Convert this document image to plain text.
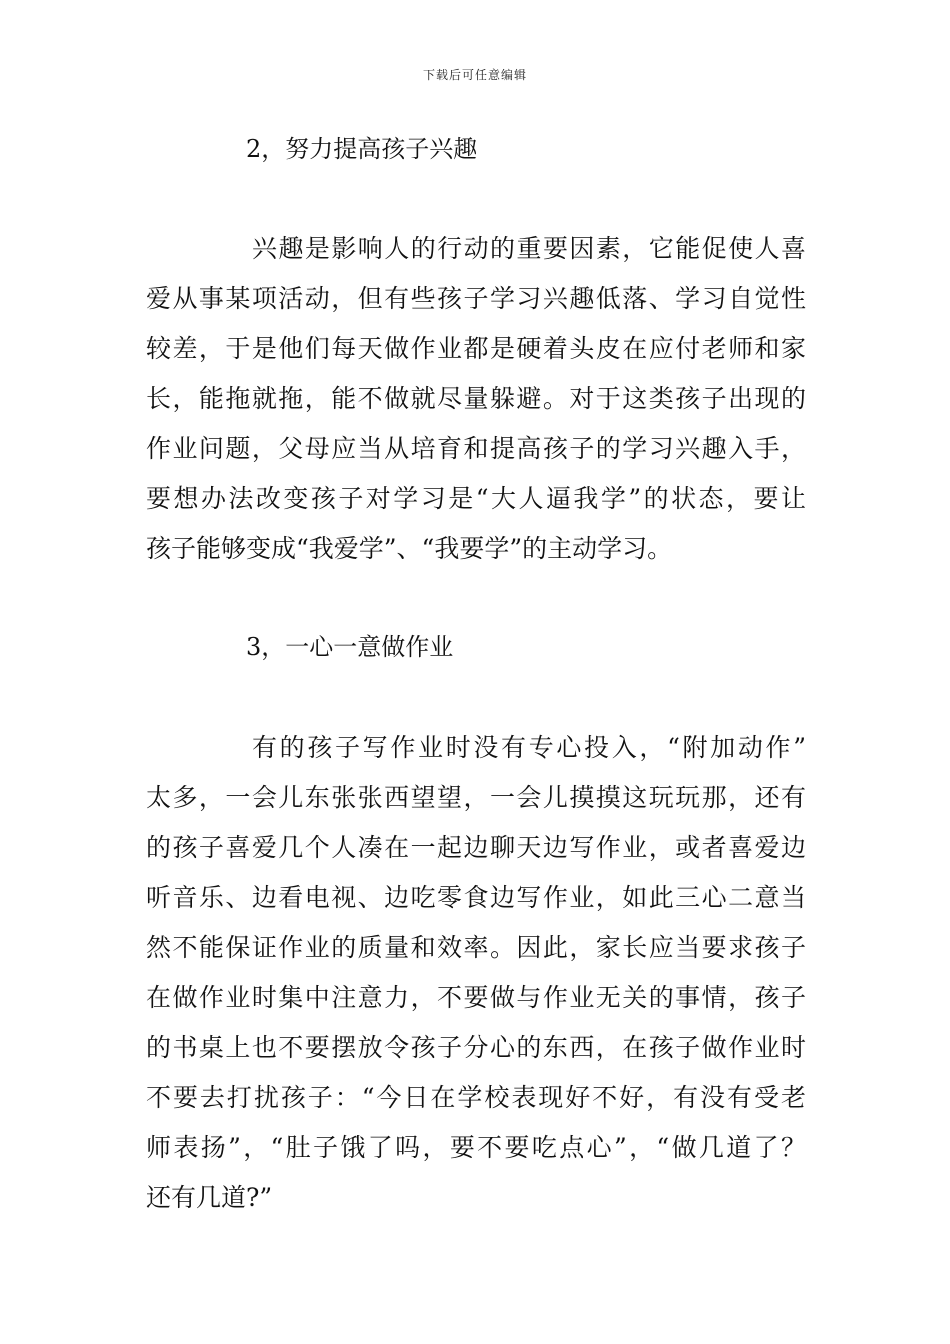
下载后可任意编辑
2，努力提高孩子兴趣
兴趣是影响人的行动的重要因素，它能促使人喜
爱从事某项活动，但有些孩子学习兴趣低落、学习自觉性
较差，于是他们每天做作业都是硬着头皮在应付老师和家
长，能拖就拖，能不做就尽量躲避。对于这类孩子出现的
作业问题，父母应当从培育和提高孩子的学习兴趣入手，
要想办法改变孩子对学习是“大人逼我学”的状态，要让
孩子能够变成“我爱学”、“我要学”的主动学习。
3，一心一意做作业
有的孩子写作业时没有专心投入，“附加动作”
太多，一会儿东张张西望望，一会儿摸摸这玩玩那，还有
的孩子喜爱几个人凑在一起边聊天边写作业，或者喜爱边
听音乐、边看电视、边吃零食边写作业，如此三心二意当
然不能保证作业的质量和效率。因此，家长应当要求孩子
在做作业时集中注意力，不要做与作业无关的事情，孩子
的书桌上也不要摆放令孩子分心的东西，在孩子做作业时
不要去打扰孩子：“今日在学校表现好不好，有没有受老
师表扬”，“肚子饿了吗，要不要吃点心”，“做几道了？
还有几道?”
